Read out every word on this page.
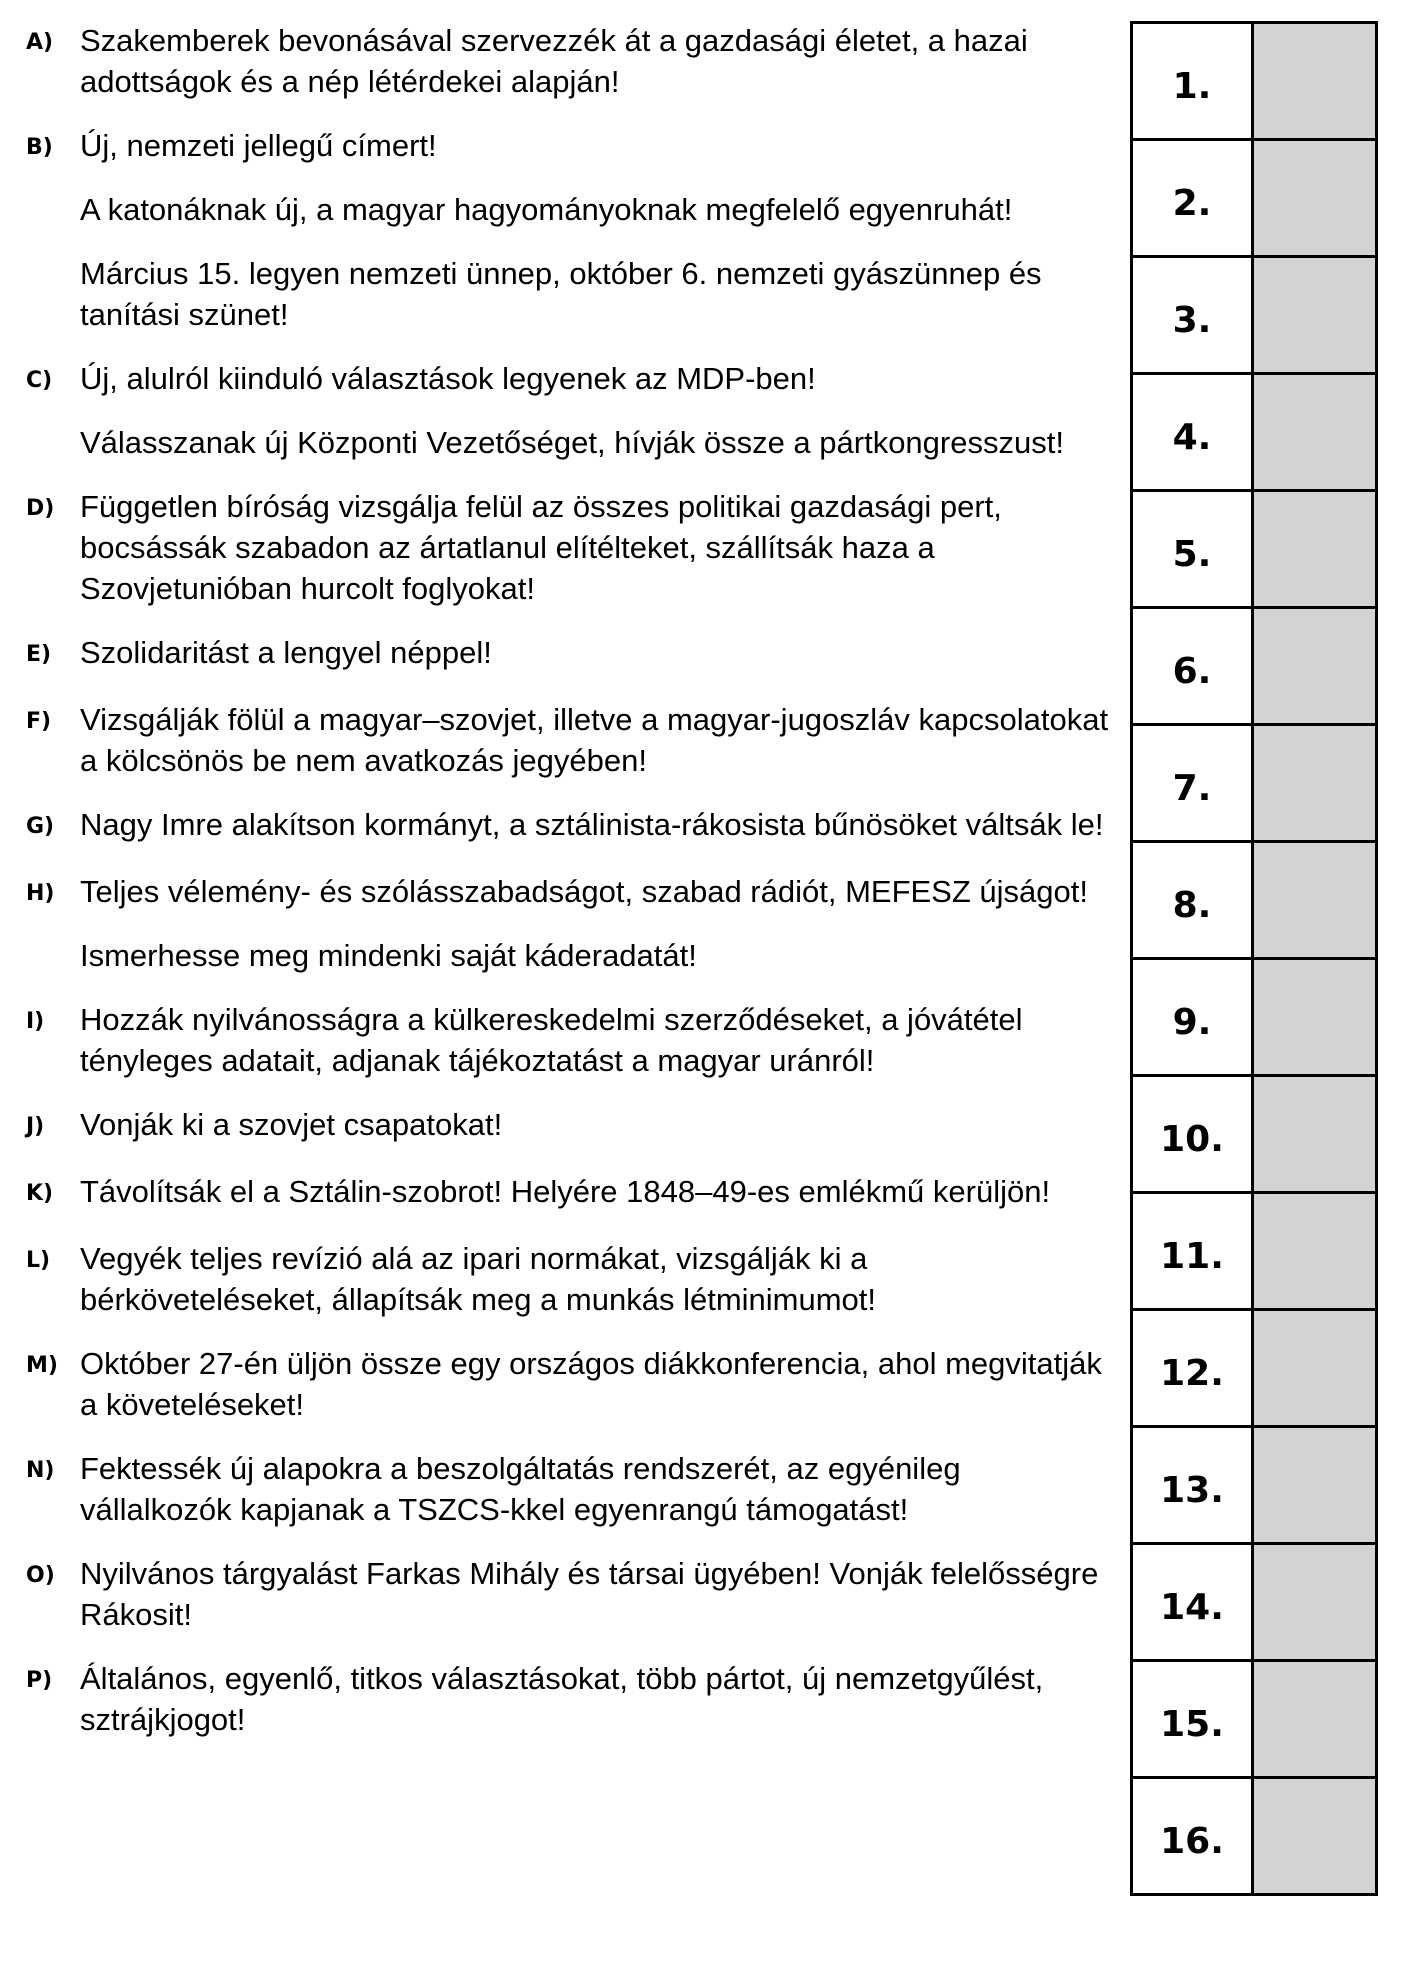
A) Szakemberek bevonásával szervezzék át a gazdasági életet, a hazai adottságok és a nép létérdekei alapján!

B) Új, nemzeti jellegű címert!

A katonáknak új, a magyar hagyományoknak megfelelő egyenruhát!

Március 15. legyen nemzeti ünnep, október 6. nemzeti gyászünnep és tanítási szünet!

C) Új, alulról kiinduló választások legyenek az MDP-ben!

Válasszanak új Központi Vezetőséget, hívják össze a pártkongresszust!

D) Független bíróság vizsgálja felül az összes politikai gazdasági pert, bocsássák szabadon az ártatlanul elítélteket, szállítsák haza a Szovjetunióban hurcolt foglyokat!

E) Szolidaritást a lengyel néppel!

F) Vizsgálják fölül a magyar–szovjet, illetve a magyar-jugoszláv kapcsolatokat a kölcsönös be nem avatkozás jegyében!

G) Nagy Imre alakítson kormányt, a sztálinista-rákosista bűnösöket váltsák le!

H) Teljes vélemény- és szólásszabadságot, szabad rádiót, MEFESZ újságot!

Ismerhesse meg mindenki saját káderadatát!

I)	Hozzák nyilvánosságra a külkereskedelmi szerződéseket, a jóvátétel tényleges adatait, adjanak tájékoztatást a magyar uránról!

J)	Vonják ki a szovjet csapatokat!

K) Távolítsák el a Sztálin-szobrot! Helyére 1848–49-es emlékmű kerüljön!

L) Vegyék teljes revízió alá az ipari normákat, vizsgálják ki a bérköveteléseket, állapítsák meg a munkás létminimumot!

M) Október 27-én üljön össze egy országos diákkonferencia, ahol megvitatják a követeléseket!

N) Fektessék új alapokra a beszolgáltatás rendszerét, az egyénileg vállalkozók kapjanak a TSZCS-kkel egyenrangú támogatást!

O) Nyilvános tárgyalást Farkas Mihály és társai ügyében! Vonják felelősségre Rákosit!

P) Általános, egyenlő, titkos választásokat, több pártot, új nemzetgyűlést, sztrájkjogot!

1.	
2.	
3.	
4.	
5.	
6.	
7.	
8.	
9.	
10.	
11.	
12.	
13.	
14.	
15.	
16.	
